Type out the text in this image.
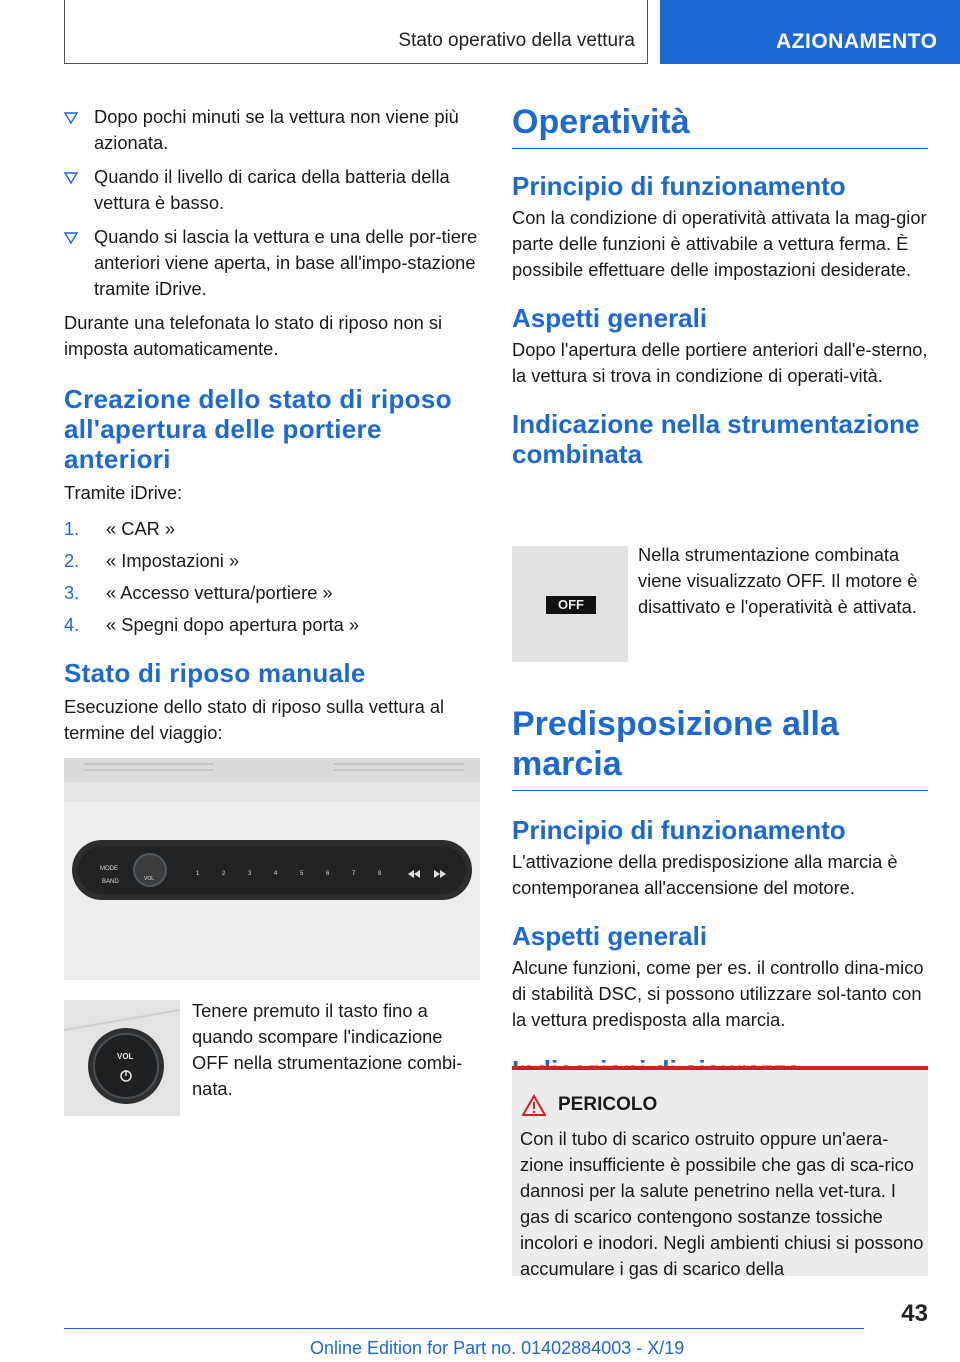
Stato operativo della vettura	AZIONAMENTO
Dopo pochi minuti se la vettura non viene più azionata.
Quando il livello di carica della batteria della vettura è basso.
Quando si lascia la vettura e una delle por-tiere anteriori viene aperta, in base all'impo-stazione tramite iDrive.

Durante una telefonata lo stato di riposo non si imposta automaticamente.

Creazione dello stato di riposo all'apertura delle portiere anteriori

Tramite iDrive:

1. « CAR »
2. « Impostazioni »
3. « Accesso vettura/portiere »
4. « Spegni dopo apertura porta »
Stato di riposo manuale

Esecuzione dello stato di riposo sulla vettura al termine del viaggio:

MODE
BAND	VOL
1	2	3	4	5	6	7	8
VOL

Tenere premuto il tasto fino a quando scompare l'indicazione OFF nella strumentazione combi-nata.

Operatività
Principio di funzionamento

Con la condizione di operatività attivata la mag-gior parte delle funzioni è attivabile a vettura ferma. È possibile effettuare delle impostazioni desiderate.

Aspetti generali

Dopo l'apertura delle portiere anteriori dall'e-sterno, la vettura si trova in condizione di operati-vità.

Indicazione nella strumentazione combinata
OFF

Nella strumentazione combinata viene visualizzato OFF. Il motore è disattivato e l'operatività è attivata.

Predisposizione alla marcia
Principio di funzionamento

L'attivazione della predisposizione alla marcia è contemporanea all'accensione del motore.

Aspetti generali

Alcune funzioni, come per es. il controllo dina-mico di stabilità DSC, si possono utilizzare sol-tanto con la vettura predisposta alla marcia.

PERICOLO

Con il tubo di scarico ostruito oppure un'aera-zione insufficiente è possibile che gas di sca-rico dannosi per la salute penetrino nella vet-tura. I gas di scarico contengono sostanze tossiche incolori e inodori. Negli ambienti chiusi si possono accumulare i gas di scarico della

43
Online Edition for Part no. 01402884003 - X/19
